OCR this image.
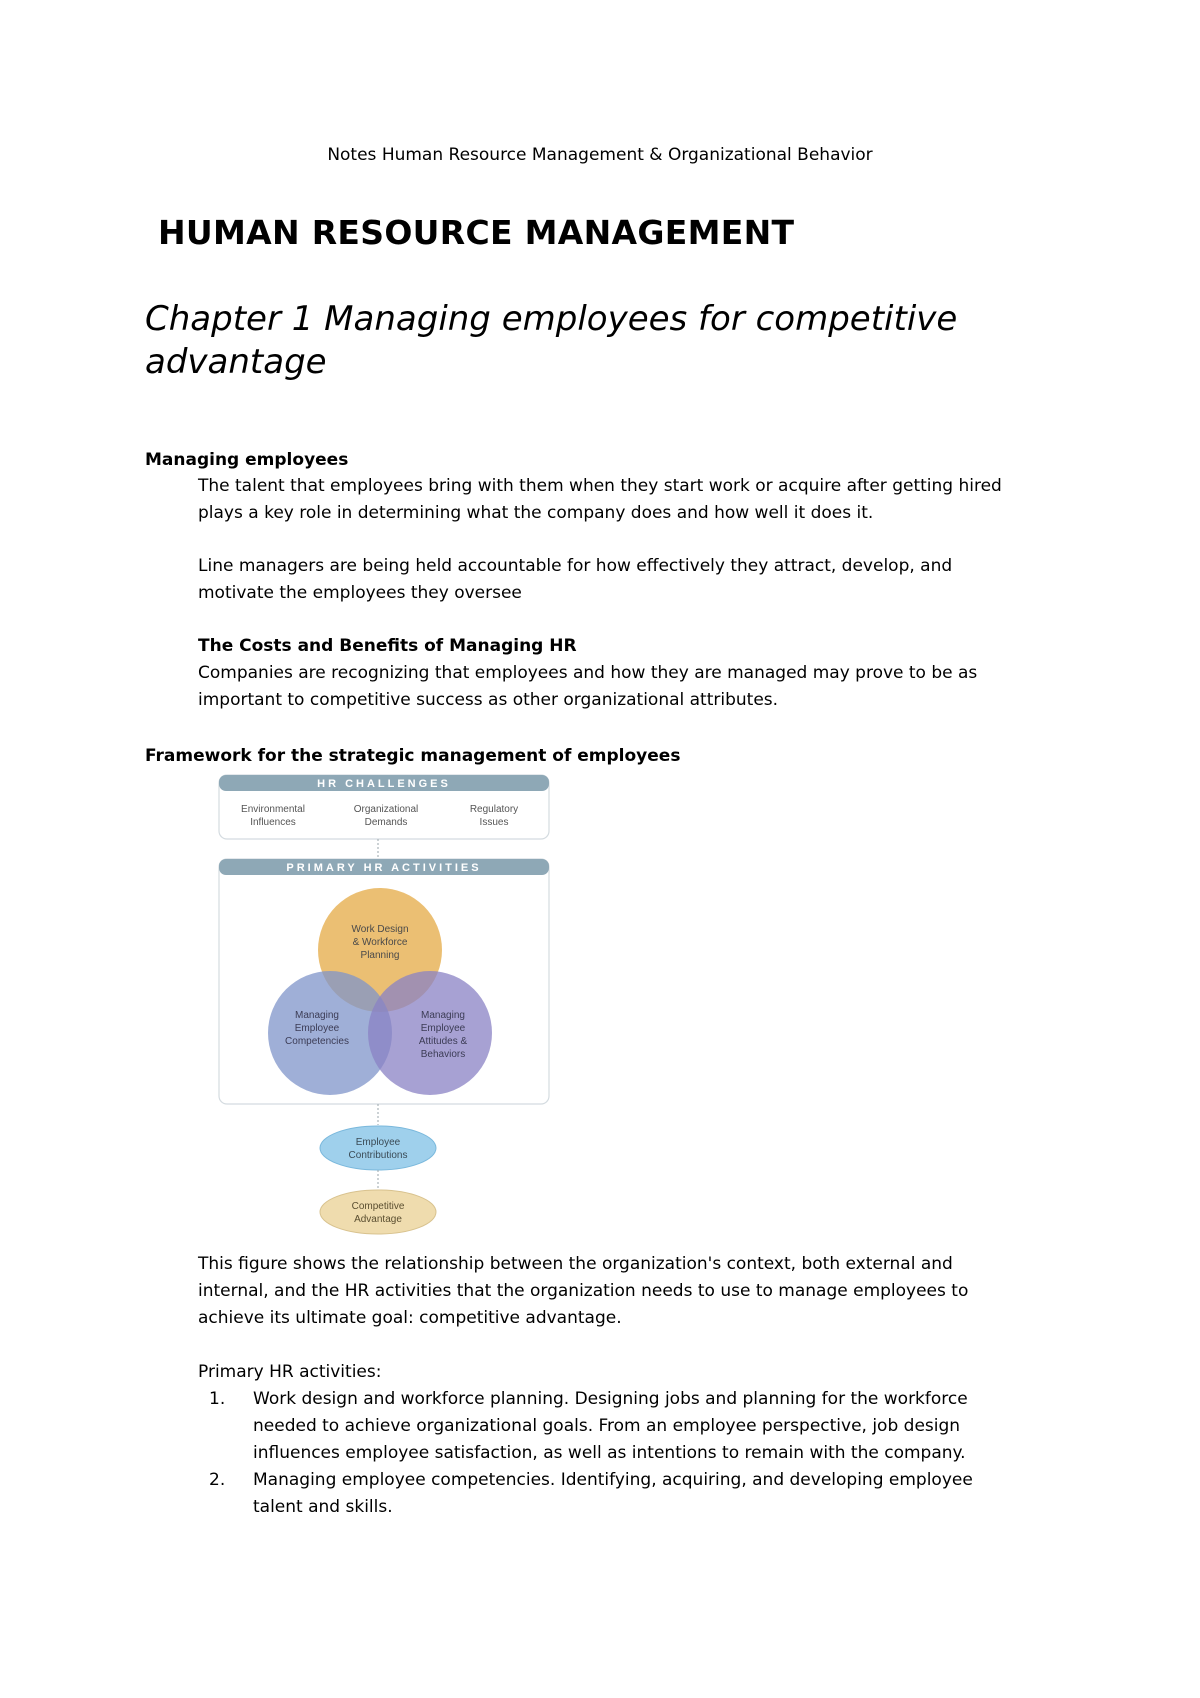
Notes Human Resource Management & Organizational Behavior

HUMAN RESOURCE MANAGEMENT
Chapter 1 Managing employees for competitive
advantage
Managing employees
The talent that employees bring with them when they start work or acquire after getting hired
plays a key role in determining what the company does and how well it does it.
Line managers are being held accountable for how effectively they attract, develop, and
motivate the employees they oversee
The Costs and Benefits of Managing HR
Companies are recognizing that employees and how they are managed may prove to be as
important to competitive success as other organizational attributes.
Framework for the strategic management of employees
HR CHALLENGES
Environmental
Influences
Organizational
Demands
Regulatory
Issues
PRIMARY HR ACTIVITIES
Work Design
& Workforce
Planning
Managing
Employee
Competencies
Managing
Employee
Attitudes &
Behaviors
Employee
Contributions
Competitive
Advantage
This figure shows the relationship between the organization's context, both external and
internal, and the HR activities that the organization needs to use to manage employees to
achieve its ultimate goal: competitive advantage.
Primary HR activities:
1. Work design and workforce planning. Designing jobs and planning for the workforce
needed to achieve organizational goals. From an employee perspective, job design
influences employee satisfaction, as well as intentions to remain with the company.
2. Managing employee competencies. Identifying, acquiring, and developing employee
talent and skills.
